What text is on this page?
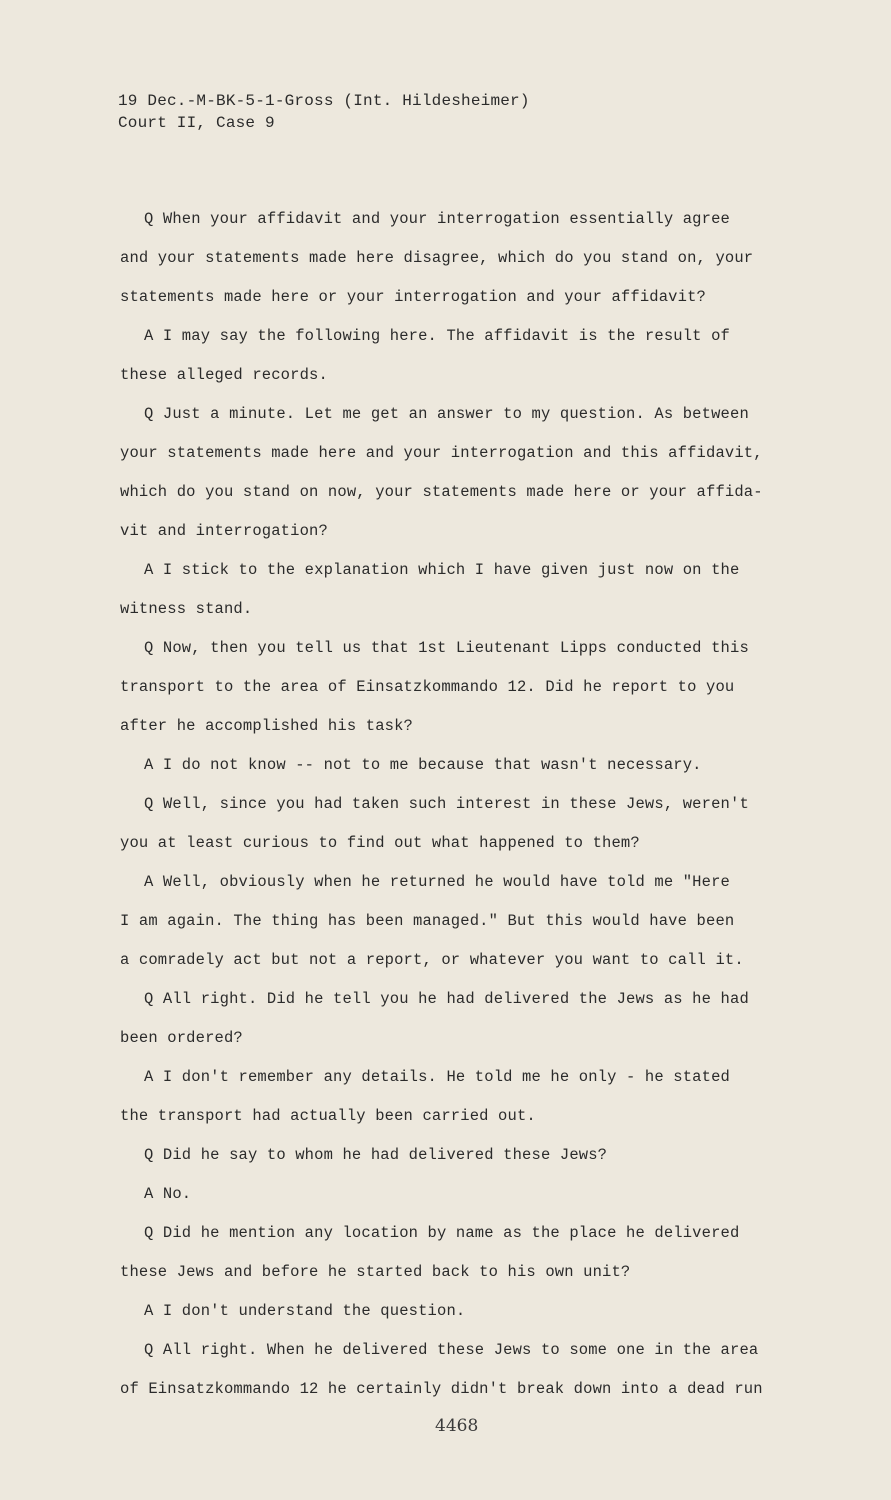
19 Dec.-M-BK-5-1-Gross (Int. Hildesheimer)
Court II, Case 9
Q When your affidavit and your interrogation essentially agree
and your statements made here disagree, which do you stand on, your
statements made here or your interrogation and your affidavit?
A I may say the following here. The affidavit is the result of
these alleged records.
Q Just a minute. Let me get an answer to my question. As between
your statements made here and your interrogation and this affidavit,
which do you stand on now, your statements made here or your affida-
vit and interrogation?
A I stick to the explanation which I have given just now on the
witness stand.
Q Now, then you tell us that 1st Lieutenant Lipps conducted this
transport to the area of Einsatzkommando 12. Did he report to you
after he accomplished his task?
A I do not know -- not to me because that wasn't necessary.
Q Well, since you had taken such interest in these Jews, weren't
you at least curious to find out what happened to them?
A Well, obviously when he returned he would have told me "Here
I am again. The thing has been managed." But this would have been
a comradely act but not a report, or whatever you want to call it.
Q All right. Did he tell you he had delivered the Jews as he had
been ordered?
A I don't remember any details. He told me he only - he stated
the transport had actually been carried out.
Q Did he say to whom he had delivered these Jews?
A No.
Q Did he mention any location by name as the place he delivered
these Jews and before he started back to his own unit?
A I don't understand the question.
Q All right. When he delivered these Jews to some one in the area
of Einsatzkommando 12 he certainly didn't break down into a dead run
4468
